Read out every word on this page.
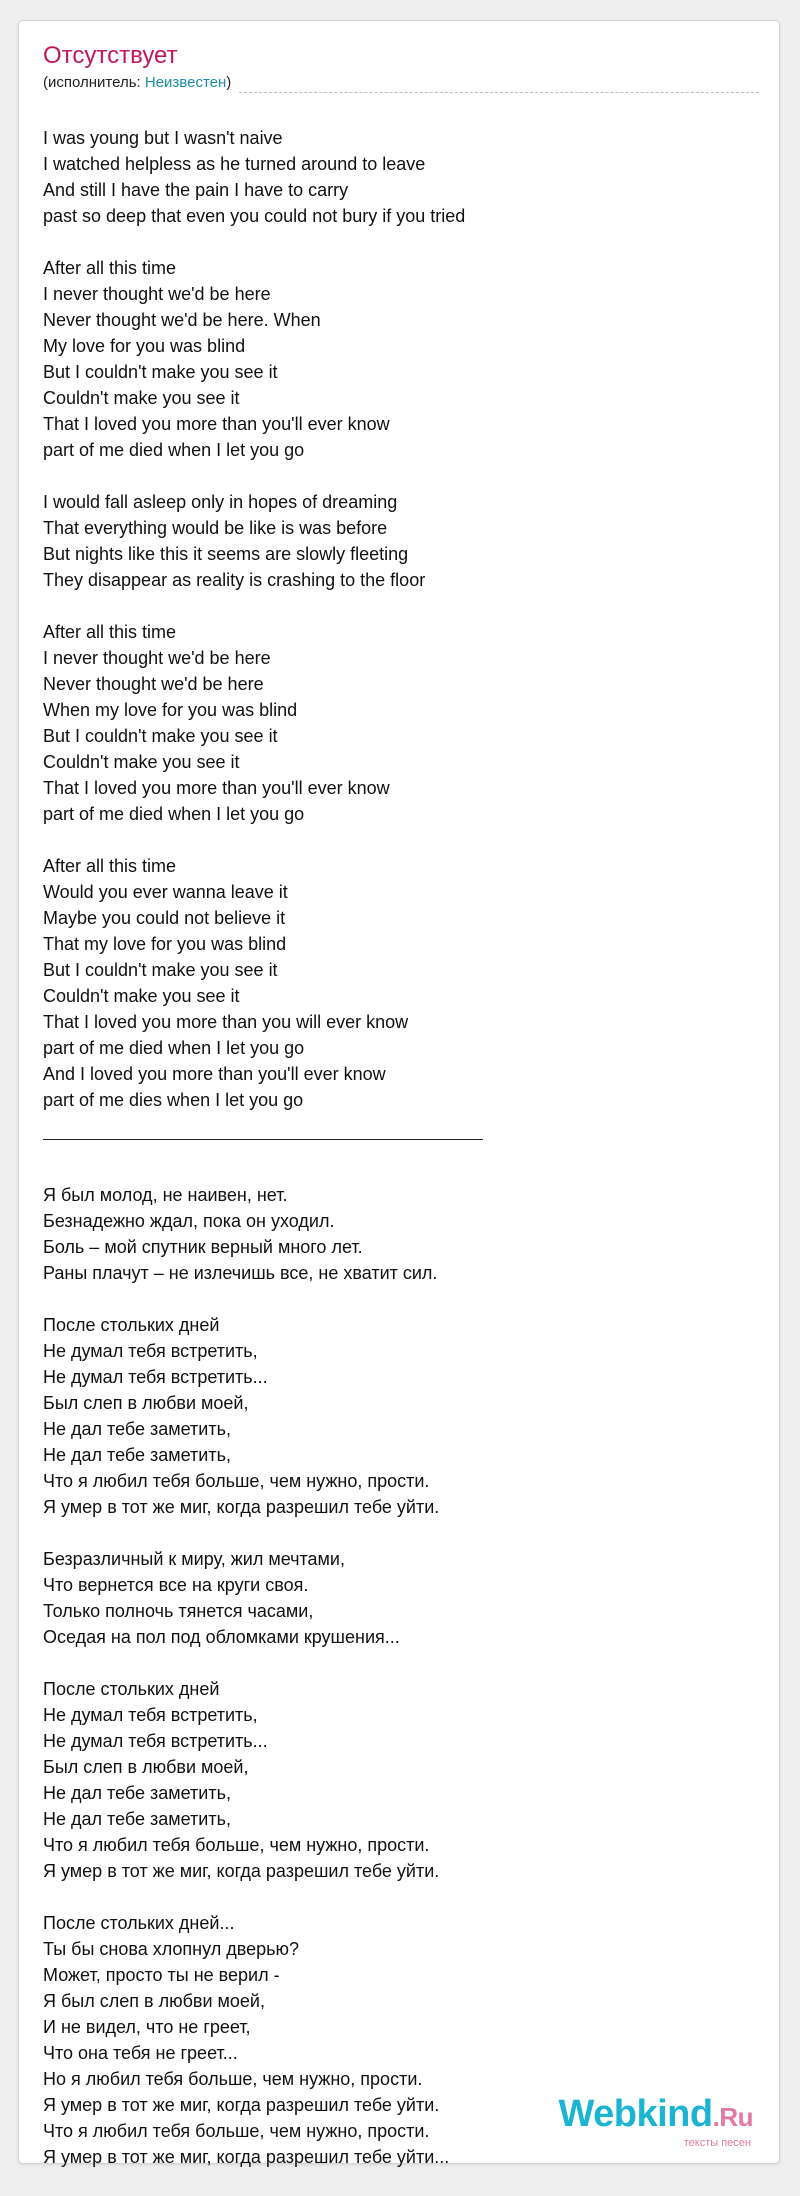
Отсутствует
(исполнитель: Неизвестен)
I was young but I wasn't naive
I watched helpless as he turned around to leave
And still I have the pain I have to carry
past so deep that even you could not bury if you tried
After all this time
I never thought we'd be here
Never thought we'd be here. When
My love for you was blind
But I couldn't make you see it
Couldn't make you see it
That I loved you more than you'll ever know
part of me died when I let you go
I would fall asleep only in hopes of dreaming
That everything would be like is was before
But nights like this it seems are slowly fleeting
They disappear as reality is crashing to the floor
After all this time
I never thought we'd be here
Never thought we'd be here
When my love for you was blind
But I couldn't make you see it
Couldn't make you see it
That I loved you more than you'll ever know
part of me died when I let you go
After all this time
Would you ever wanna leave it
Maybe you could not believe it
That my love for you was blind
But I couldn't make you see it
Couldn't make you see it
That I loved you more than you will ever know
part of me died when I let you go
And I loved you more than you'll ever know
part of me dies when I let you go
Я был молод, не наивен, нет.
Безнадежно ждал, пока он уходил.
Боль – мой спутник верный много лет.
Раны плачут – не излечишь все, не хватит сил.
После стольких дней
Не думал тебя встретить,
Не думал тебя встретить...
Был слеп в любви моей,
Не дал тебе заметить,
Не дал тебе заметить,
Что я любил тебя больше, чем нужно, прости.
Я умер в тот же миг, когда разрешил тебе уйти.
Безразличный к миру, жил мечтами,
Что вернется все на круги своя.
Только полночь тянется часами,
Оседая на пол под обломками крушения...
После стольких дней
Не думал тебя встретить,
Не думал тебя встретить...
Был слеп в любви моей,
Не дал тебе заметить,
Не дал тебе заметить,
Что я любил тебя больше, чем нужно, прости.
Я умер в тот же миг, когда разрешил тебе уйти.
После стольких дней...
Ты бы снова хлопнул дверью?
Может, просто ты не верил -
Я был слеп в любви моей,
И не видел, что не греет,
Что она тебя не греет...
Но я любил тебя больше, чем нужно, прости.
Я умер в тот же миг, когда разрешил тебе уйти.
Что я любил тебя больше, чем нужно, прости.
Я умер в тот же миг, когда разрешил тебе уйти...
Webkind.Ru
тексты песен
